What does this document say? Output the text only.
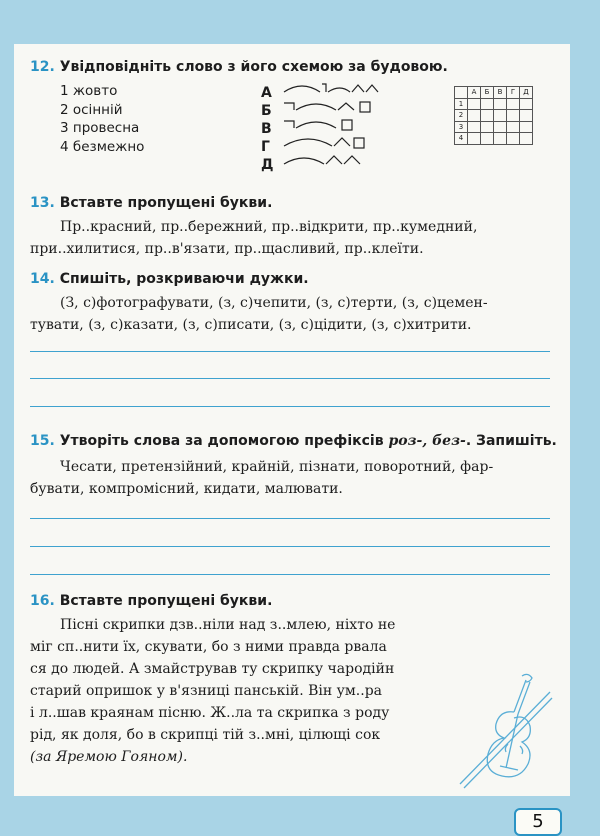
12. Увідповідніть слово з його схемою за будовою.
1 жовто
2 осінній
3 провесна
4 безмежно
А
Б
В
Г
Д
	А	Б	В	Г	Д
1					
2					
3					
4					
13. Вставте пропущені букви.
Пр..красний, пр..бережний, пр..відкрити, пр..кумедний,
при..хилитися, пр..в'язати, пр..щасливий, пр..клеїти.
14. Спишіть, розкриваючи дужки.
(З, с)фотографувати, (з, с)чепити, (з, с)терти, (з, с)цемен-
тувати, (з, с)казати, (з, с)писати, (з, с)цідити, (з, с)хитрити.
15. Утворіть слова за допомогою префіксів роз-, без-. Запишіть.
Чесати, претензійний, крайній, пізнати, поворотний, фар-
бувати, компромісний, кидати, малювати.
16. Вставте пропущені букви.
Пісні скрипки дзв..ніли над з..млею, ніхто не
міг сп..нити їх, скувати, бо з ними правда рвала
ся до людей. А змайстрував ту скрипку чародійн
старий опришок у в'язниці панській. Він ум..ра
і л..шав краянам пісню. Ж..ла та скрипка з роду
рід, як доля, бо в скрипці тій з..мні, цілющі сок
(за Яремою Гояном).
5
